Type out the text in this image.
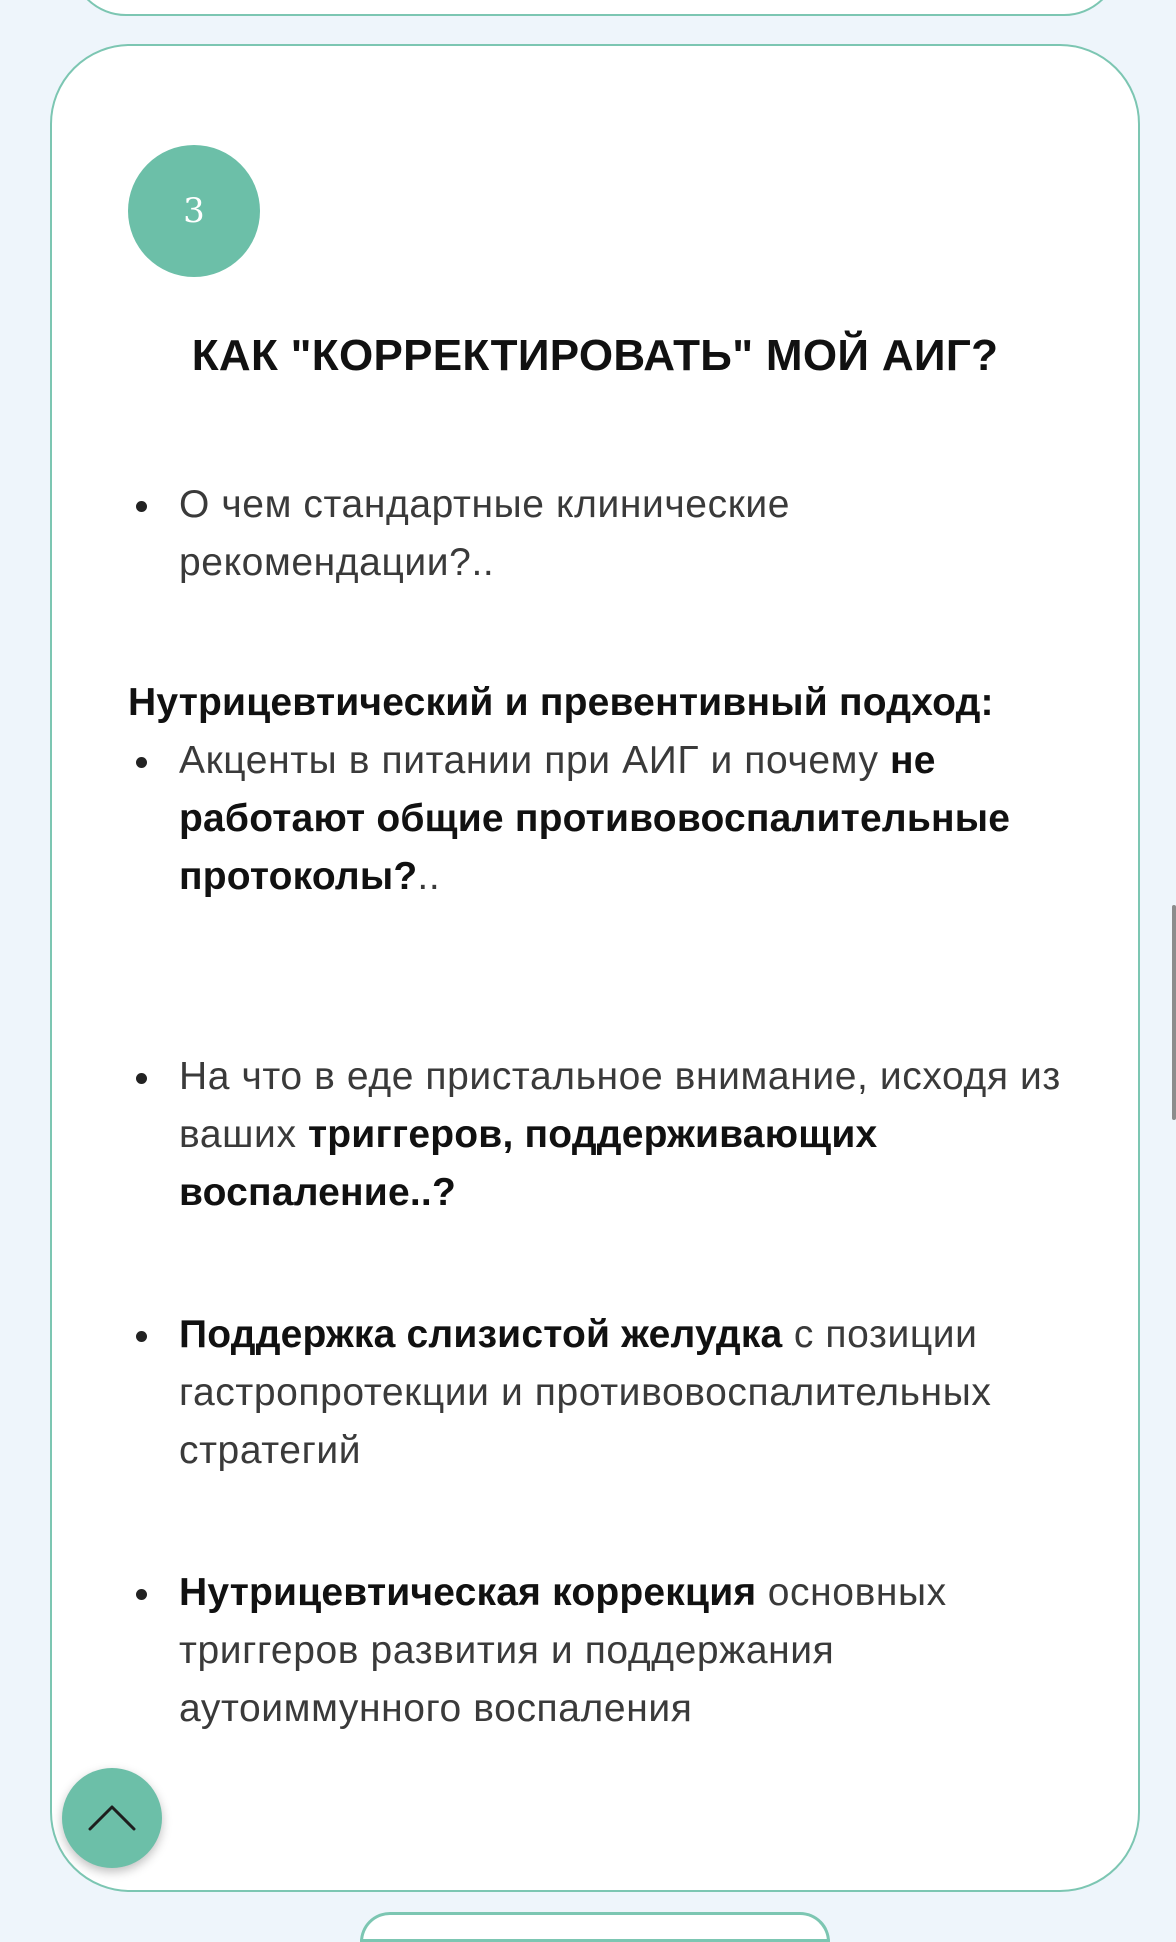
3
КАК "КОРРЕКТИРОВАТЬ" МОЙ АИГ?
О чем стандартные клинические рекомендации?..
Нутрицевтический и превентивный подход:
Акценты в питании при АИГ и почему не работают общие противовоспалительные протоколы?..
На что в еде пристальное внимание, исходя из ваших триггеров, поддерживающих воспаление..?
Поддержка слизистой желудка с позиции гастропротекции и противовоспалительных стратегий
Нутрицевтическая коррекция основных триггеров развития и поддержания аутоиммунного воспаления
